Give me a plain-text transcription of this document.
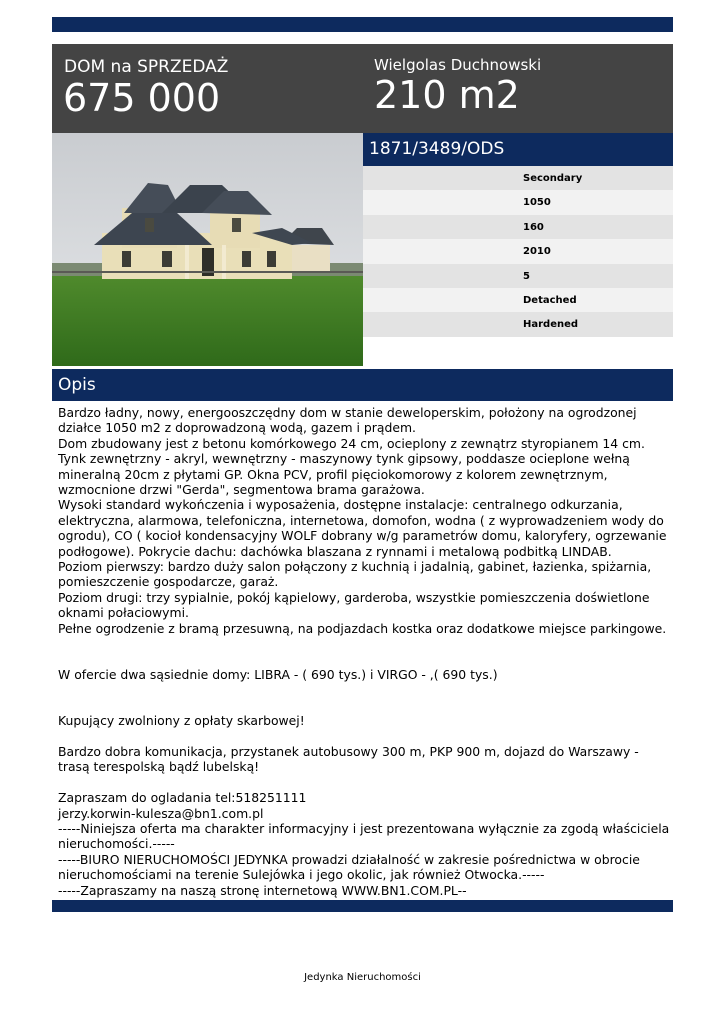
DOM na SPRZEDAŻ
675 000
Wielgolas Duchnowski
210 m2
1871/3489/ODS
Secondary
1050
160
2010
5
Detached
Hardened
Opis

Bardzo ładny, nowy, energooszczędny dom w stanie deweloperskim, położony na ogrodzonej działce 1050 m2 z doprowadzoną wodą, gazem i prądem.

Dom zbudowany jest z betonu komórkowego 24 cm, ocieplony z zewnątrz styropianem 14 cm.

Tynk zewnętrzny - akryl, wewnętrzny - maszynowy tynk gipsowy, poddasze ocieplone wełną mineralną 20cm z płytami GP. Okna PCV, profil pięciokomorowy z kolorem zewnętrznym, wzmocnione drzwi "Gerda", segmentowa brama garażowa.

Wysoki standard wykończenia i wyposażenia, dostępne instalacje: centralnego odkurzania, elektryczna, alarmowa, telefoniczna, internetowa, domofon, wodna ( z wyprowadzeniem wody do ogrodu), CO ( kocioł kondensacyjny WOLF dobrany w/g parametrów domu, kaloryfery, ogrzewanie podłogowe). Pokrycie dachu: dachówka blaszana z rynnami i metalową podbitką LINDAB.

Poziom pierwszy: bardzo duży salon połączony z kuchnią i jadalnią, gabinet, łazienka, spiżarnia, pomieszczenie gospodarcze, garaż.

Poziom drugi: trzy sypialnie, pokój kąpielowy, garderoba, wszystkie pomieszczenia doświetlone oknami połaciowymi.

Pełne ogrodzenie z bramą przesuwną, na podjazdach kostka oraz dodatkowe miejsce parkingowe.

W ofercie dwa sąsiednie domy: LIBRA - ( 690 tys.) i VIRGO - ,( 690 tys.)

Kupujący zwolniony z opłaty skarbowej!

Bardzo dobra komunikacja, przystanek autobusowy 300 m, PKP 900 m, dojazd do Warszawy - trasą terespolską bądź lubelską!

Zapraszam do ogladania tel:518251111

jerzy.korwin-kulesza@bn1.com.pl

-----Niniejsza oferta ma charakter informacyjny i jest prezentowana wyłącznie za zgodą właściciela nieruchomości.-----

-----BIURO NIERUCHOMOŚCI JEDYNKA prowadzi działalność w zakresie pośrednictwa w obrocie nieruchomościami na terenie Sulejówka i jego okolic, jak również Otwocka.-----

-----Zapraszamy na naszą stronę internetową WWW.BN1.COM.PL--

Jedynka Nieruchomości
